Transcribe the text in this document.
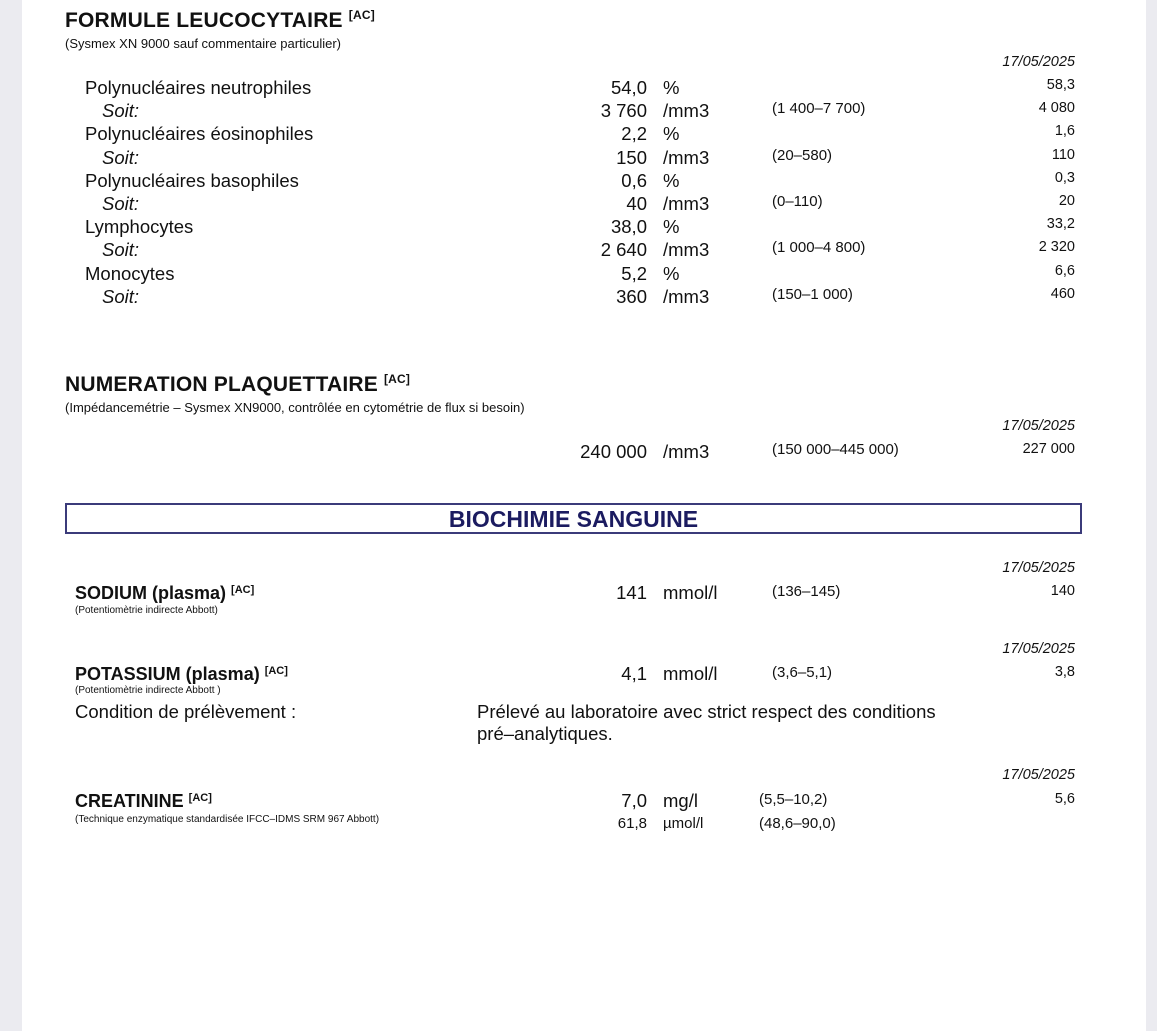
FORMULE LEUCOCYTAIRE [AC]
(Sysmex XN 9000 sauf commentaire particulier)
17/05/2025
Polynucléaires neutrophiles	54,0 %	58,3
Soit:	3 760 /mm3	(1 400–7 700)	4 080
Polynucléaires éosinophiles	2,2 %	1,6
Soit:	150 /mm3	(20–580)	110
Polynucléaires basophiles	0,6 %	0,3
Soit:	40 /mm3	(0–110)	20
Lymphocytes	38,0 %	33,2
Soit:	2 640 /mm3	(1 000–4 800)	2 320
Monocytes	5,2 %	6,6
Soit:	360 /mm3	(150–1 000)	460
NUMERATION PLAQUETTAIRE [AC]
(Impédancemétrie – Sysmex XN9000, contrôlée en cytométrie de flux si besoin)
17/05/2025
240 000 /mm3	(150 000–445 000)	227 000
BIOCHIMIE SANGUINE
17/05/2025
SODIUM (plasma) [AC]
(Potentiomètrie indirecte Abbott)
141 mmol/l	(136–145)	140
17/05/2025
POTASSIUM (plasma) [AC]
(Potentiomètrie indirecte Abbott )
4,1 mmol/l	(3,6–5,1)	3,8
Condition de prélèvement :	Prélevé au laboratoire avec strict respect des conditions
pré–analytiques.
17/05/2025
CREATININE [AC]
(Technique enzymatique standardisée IFCC–IDMS SRM 967 Abbott)
7,0 mg/l	(5,5–10,2)	5,6
61,8 µmol/l	(48,6–90,0)
